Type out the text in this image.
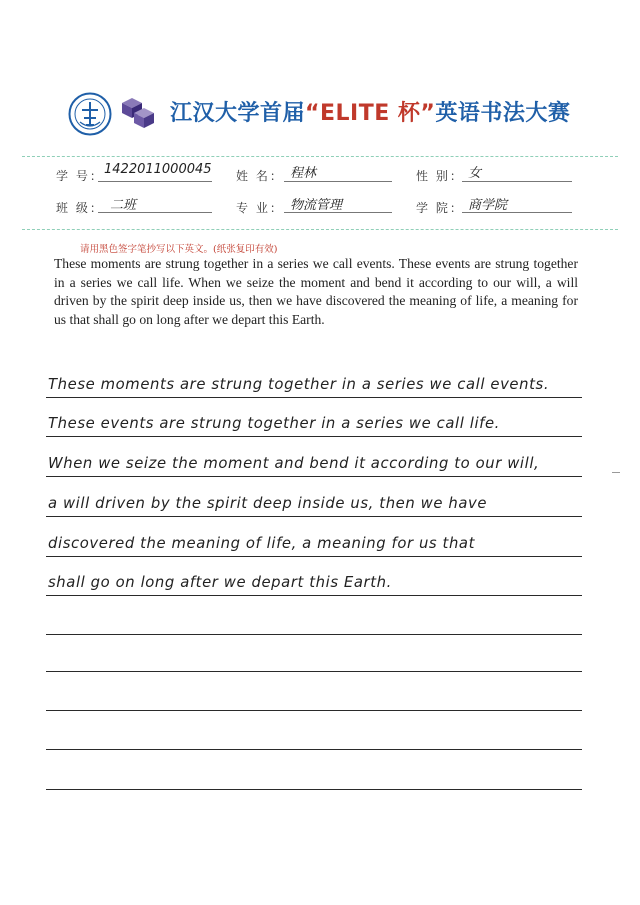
江汉大学首届“ELITE 杯”英语书法大赛
学 号： 1422011000045 姓 名： 程林	性 别： 女
班 级： 二班	专 业： 物流管理	学 院： 商学院
请用黑色签字笔抄写以下英文。(纸张复印有效)
These moments are strung together in a series we call events. These events are strung together in a series we call life. When we seize the moment and bend it according to our will, a will driven by the spirit deep inside us, then we have discovered the meaning of life, a meaning for us that shall go on long after we depart this Earth.
These moments are strung together in a series we call events.
These events are strung together in a series we call life.
When we seize the moment and bend it according to our will,
a will driven by the spirit deep inside us, then we have
discovered the meaning of life, a meaning for us that
shall go on long after we depart this Earth.
